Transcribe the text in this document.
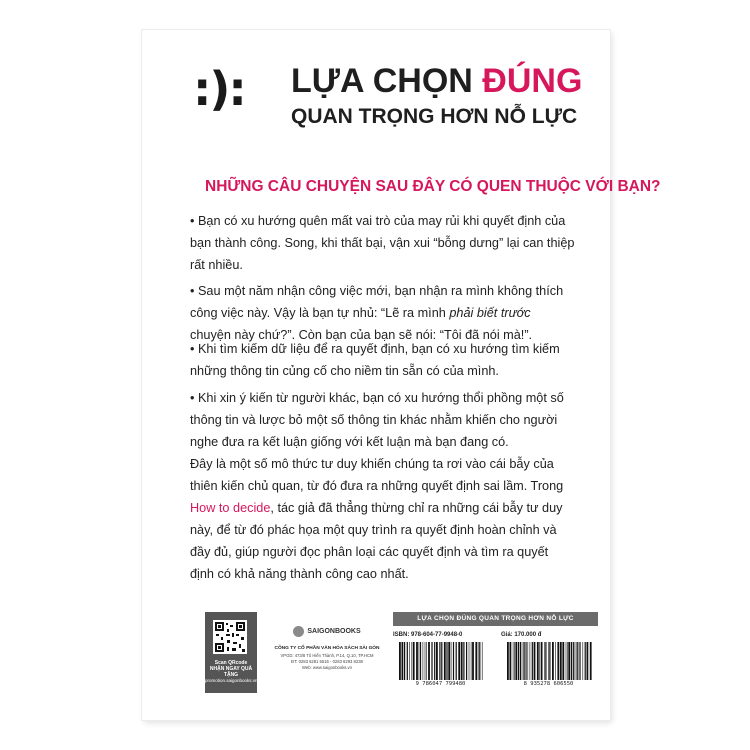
:): LỰA CHỌN ĐÚNG
QUAN TRỌNG HƠN NỖ LỰC
NHỮNG CÂU CHUYỆN SAU ĐÂY CÓ QUEN THUỘC VỚI BẠN?
• Bạn có xu hướng quên mất vai trò của may rủi khi quyết định của bạn thành công. Song, khi thất bại, vận xui “bỗng dưng” lại can thiệp rất nhiều.
• Sau một năm nhận công việc mới, bạn nhận ra mình không thích công việc này. Vậy là bạn tự nhủ: “Lẽ ra mình phải biết trước chuyện này chứ?”. Còn bạn của bạn sẽ nói: “Tôi đã nói mà!”.
• Khi tìm kiếm dữ liệu để ra quyết định, bạn có xu hướng tìm kiếm những thông tin củng cố cho niềm tin sẵn có của mình.
• Khi xin ý kiến từ người khác, bạn có xu hướng thổi phồng một số thông tin và lược bỏ một số thông tin khác nhằm khiến cho người nghe đưa ra kết luận giống với kết luận mà bạn đang có.
Đây là một số mô thức tư duy khiến chúng ta rơi vào cái bẫy của thiên kiến chủ quan, từ đó đưa ra những quyết định sai lầm. Trong How to decide, tác giả đã thẳng thừng chỉ ra những cái bẫy tư duy này, để từ đó phác họa một quy trình ra quyết định hoàn chỉnh và đầy đủ, giúp người đọc phân loại các quyết định và tìm ra quyết định có khả năng thành công cao nhất.
Scan QRcode
NHẬN NGAY QUÀ TẶNG
promotion.saigonbooks.vn
SAIGONBOOKS
CÔNG TY CỔ PHẦN VĂN HÓA SÁCH SÀI GÒN
VPGD: 473/8 Tô Hiến Thành, P.14, Q.10, TP.HCM
ĐT: 0283 6281 5516 - 0283 6293 8238
Web: www.saigonbooks.vn
LỰA CHỌN ĐÚNG QUAN TRỌNG HƠN NỖ LỰC
ISBN: 978-604-77-9948-0	Giá: 170.000 đ
9 786047 799480	8 935278 606550
